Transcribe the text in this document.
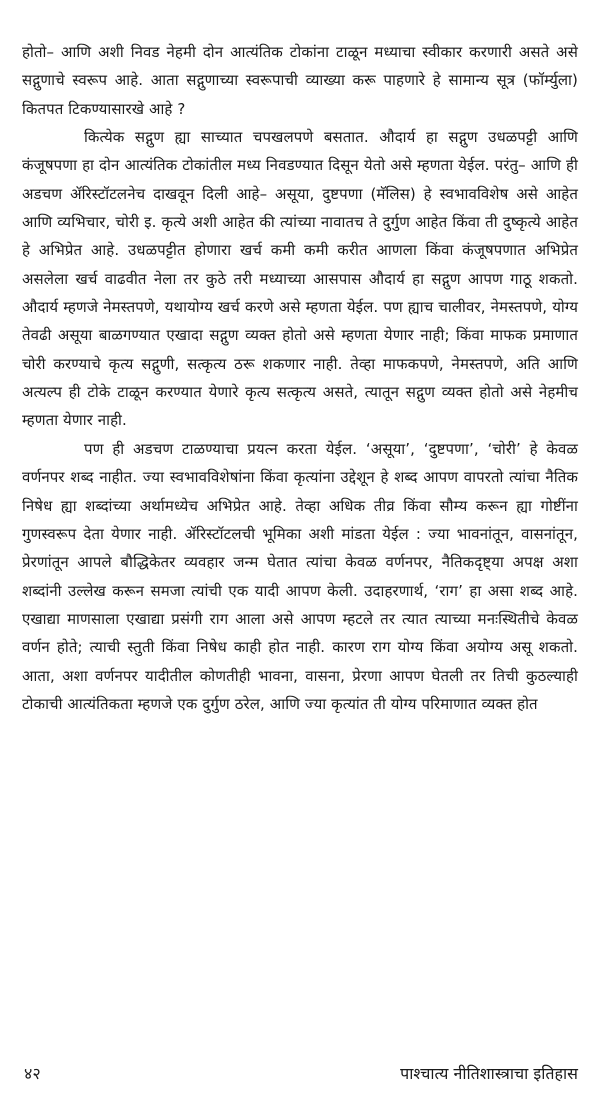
होतो– आणि अशी निवड नेहमी दोन आत्यंतिक टोकांना टाळून मध्याचा स्वीकार करणारी असते असे सद्गुणाचे स्वरूप आहे. आता सद्गुणाच्या स्वरूपाची व्याख्या करू पाहणारे हे सामान्य सूत्र (फॉर्म्युला) कितपत टिकण्यासारखे आहे ?

कित्येक सद्गुण ह्या साच्यात चपखलपणे बसतात. औदार्य हा सद्गुण उधळपट्टी आणि कंजूषपणा हा दोन आत्यंतिक टोकांतील मध्य निवडण्यात दिसून येतो असे म्हणता येईल. परंतु– आणि ही अडचण ॲरिस्टॉटलनेच दाखवून दिली आहे– असूया, दुष्टपणा (मॅलिस) हे स्वभावविशेष असे आहेत आणि व्यभिचार, चोरी इ. कृत्ये अशी आहेत की त्यांच्या नावातच ते दुर्गुण आहेत किंवा ती दुष्कृत्ये आहेत हे अभिप्रेत आहे. उधळपट्टीत होणारा खर्च कमी कमी करीत आणला किंवा कंजूषपणात अभिप्रेत असलेला खर्च वाढवीत नेला तर कुठे तरी मध्याच्या आसपास औदार्य हा सद्गुण आपण गाठू शकतो. औदार्य म्हणजे नेमस्तपणे, यथायोग्य खर्च करणे असे म्हणता येईल. पण ह्याच चालीवर, नेमस्तपणे, योग्य तेवढी असूया बाळगण्यात एखादा सद्गुण व्यक्त होतो असे म्हणता येणार नाही; किंवा माफक प्रमाणात चोरी करण्याचे कृत्य सद्गुणी, सत्कृत्य ठरू शकणार नाही. तेव्हा माफकपणे, नेमस्तपणे, अति आणि अत्यल्प ही टोके टाळून करण्यात येणारे कृत्य सत्कृत्य असते, त्यातून सद्गुण व्यक्त होतो असे नेहमीच म्हणता येणार नाही.

पण ही अडचण टाळण्याचा प्रयत्न करता येईल. ‘असूया’, ‘दुष्टपणा’, ‘चोरी’ हे केवळ वर्णनपर शब्द नाहीत. ज्या स्वभावविशेषांना किंवा कृत्यांना उद्देशून हे शब्द आपण वापरतो त्यांचा नैतिक निषेध ह्या शब्दांच्या अर्थामध्येच अभिप्रेत आहे. तेव्हा अधिक तीव्र किंवा सौम्य करून ह्या गोष्टींना गुणस्वरूप देता येणार नाही. ॲरिस्टॉटलची भूमिका अशी मांडता येईल : ज्या भावनांतून, वासनांतून, प्रेरणांतून आपले बौद्धिकेतर व्यवहार जन्म घेतात त्यांचा केवळ वर्णनपर, नैतिकदृष्ट्या अपक्ष अशा शब्दांनी उल्लेख करून समजा त्यांची एक यादी आपण केली. उदाहरणार्थ, ‘राग’ हा असा शब्द आहे. एखाद्या माणसाला एखाद्या प्रसंगी राग आला असे आपण म्हटले तर त्यात त्याच्या मनःस्थितीचे केवळ वर्णन होते; त्याची स्तुती किंवा निषेध काही होत नाही. कारण राग योग्य किंवा अयोग्य असू शकतो. आता, अशा वर्णनपर यादीतील कोणतीही भावना, वासना, प्रेरणा आपण घेतली तर तिची कुठल्याही टोकाची आत्यंतिकता म्हणजे एक दुर्गुण ठरेल, आणि ज्या कृत्यांत ती योग्य परिमाणात व्यक्त होत

४२	पाश्चात्य नीतिशास्त्राचा इतिहास
